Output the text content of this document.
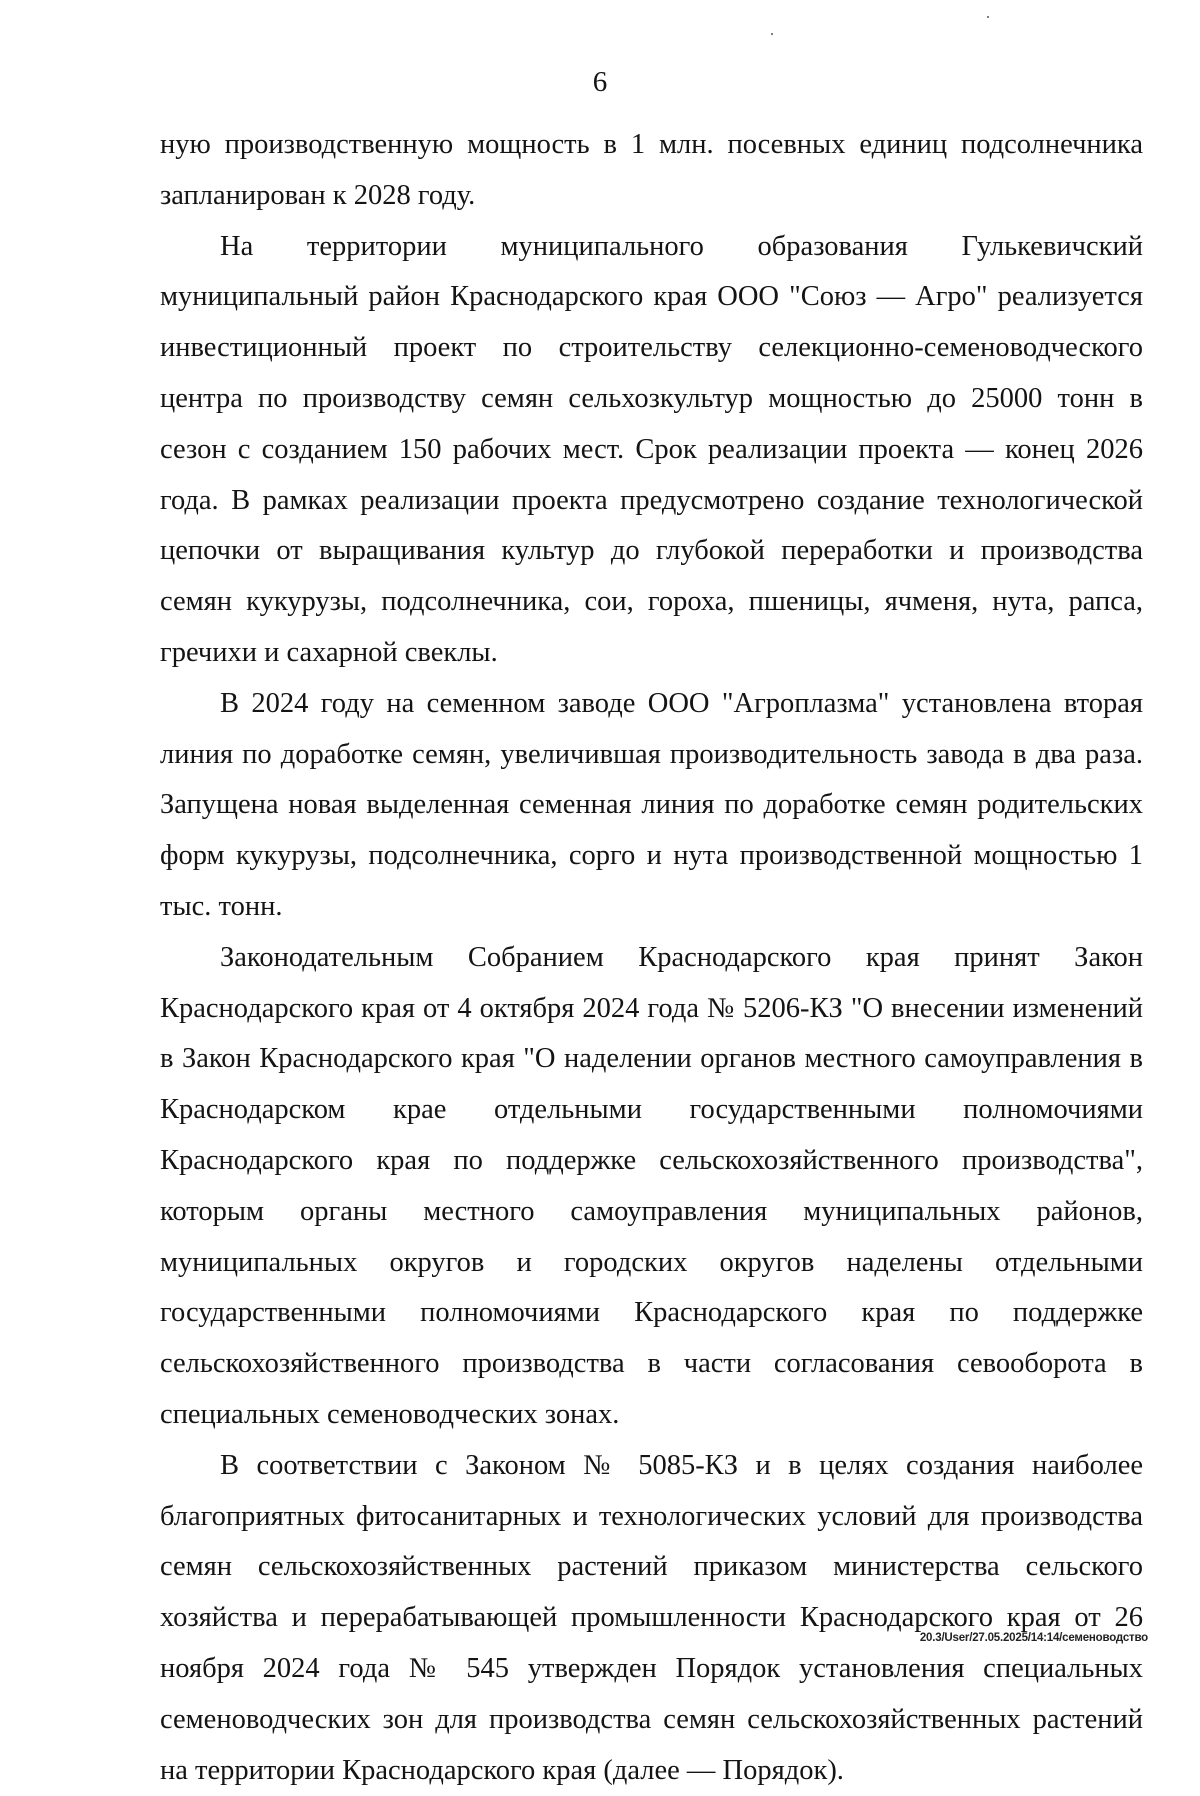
6

ную производственную мощность в 1 млн. посевных единиц подсолнечника запланирован к 2028 году.

На территории муниципального образования Гулькевичский муниципальный район Краснодарского края ООО "Союз — Агро" реализуется инвестиционный проект по строительству селекционно-семеноводческого центра по производству семян сельхозкультур мощностью до 25000 тонн в сезон с созданием 150 рабочих мест. Срок реализации проекта — конец 2026 года. В рамках реализации проекта предусмотрено создание технологической цепочки от выращивания культур до глубокой переработки и производства семян кукурузы, подсолнечника, сои, гороха, пшеницы, ячменя, нута, рапса, гречихи и сахарной свеклы.

В 2024 году на семенном заводе ООО "Агроплазма" установлена вторая линия по доработке семян, увеличившая производительность завода в два раза. Запущена новая выделенная семенная линия по доработке семян родительских форм кукурузы, подсолнечника, сорго и нута производственной мощностью 1 тыс. тонн.

Законодательным Собранием Краснодарского края принят Закон Краснодарского края от 4 октября 2024 года № 5206-КЗ "О внесении изменений в Закон Краснодарского края "О наделении органов местного самоуправления в Краснодарском крае отдельными государственными полномочиями Краснодарского края по поддержке сельскохозяйственного производства", которым органы местного самоуправления муниципальных районов, муниципальных округов и городских округов наделены отдельными государственными полномочиями Краснодарского края по поддержке сельскохозяйственного производства в части согласования севооборота в специальных семеноводческих зонах.

В соответствии с Законом № 5085-КЗ и в целях создания наиболее благоприятных фитосанитарных и технологических условий для производства семян сельскохозяйственных растений приказом министерства сельского хозяйства и перерабатывающей промышленности Краснодарского края от 26 ноября 2024 года № 545 утвержден Порядок установления специальных семеноводческих зон для производства семян сельскохозяйственных растений на территории Краснодарского края (далее — Порядок).

20.3/User/27.05.2025/14:14/семеноводство
